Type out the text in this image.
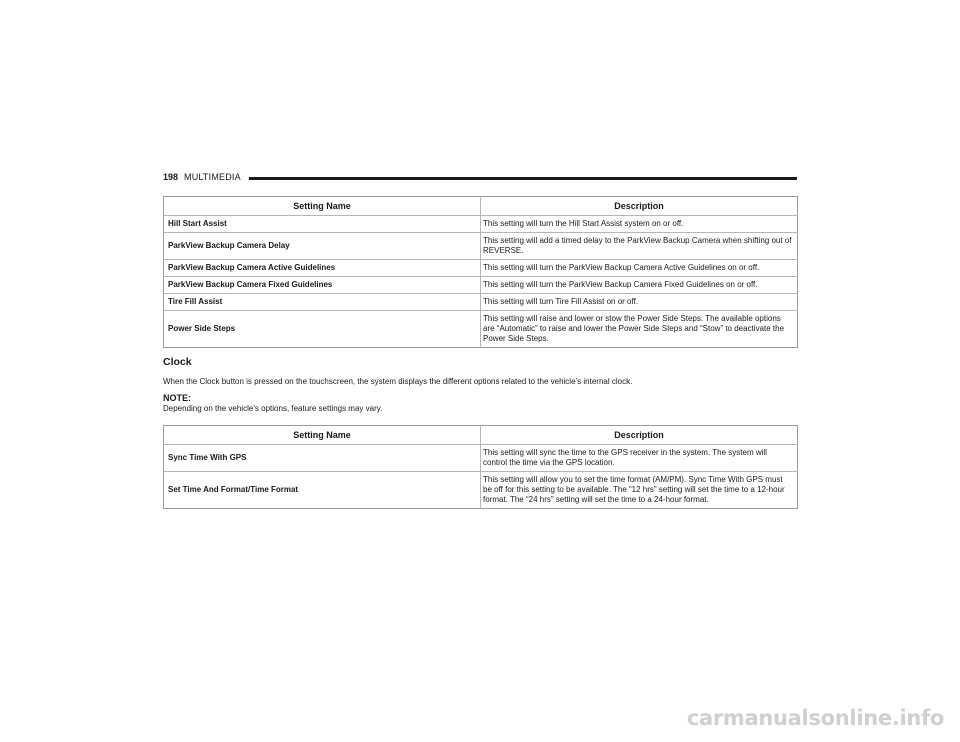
198 MULTIMEDIA
Setting Name	Description
Hill Start Assist	This setting will turn the Hill Start Assist system on or off.
ParkView Backup Camera Delay	This setting will add a timed delay to the ParkView Backup Camera when shifting out of REVERSE.
ParkView Backup Camera Active Guidelines	This setting will turn the ParkView Backup Camera Active Guidelines on or off.
ParkView Backup Camera Fixed Guidelines	This setting will turn the ParkView Backup Camera Fixed Guidelines on or off.
Tire Fill Assist	This setting will turn Tire Fill Assist on or off.
Power Side Steps	This setting will raise and lower or stow the Power Side Steps. The available options are “Automatic” to raise and lower the Power Side Steps and “Stow” to deactivate the Power Side Steps.
Clock
When the Clock button is pressed on the touchscreen, the system displays the different options related to the vehicle’s internal clock.
NOTE:
Depending on the vehicle’s options, feature settings may vary.
Setting Name	Description
Sync Time With GPS	This setting will sync the time to the GPS receiver in the system. The system will control the time via the GPS location.
Set Time And Format/Time Format	This setting will allow you to set the time format (AM/PM). Sync Time With GPS must be off for this setting to be available. The “12 hrs” setting will set the time to a 12-hour format. The “24 hrs” setting will set the time to a 24-hour format.
carmanualsonline.info
